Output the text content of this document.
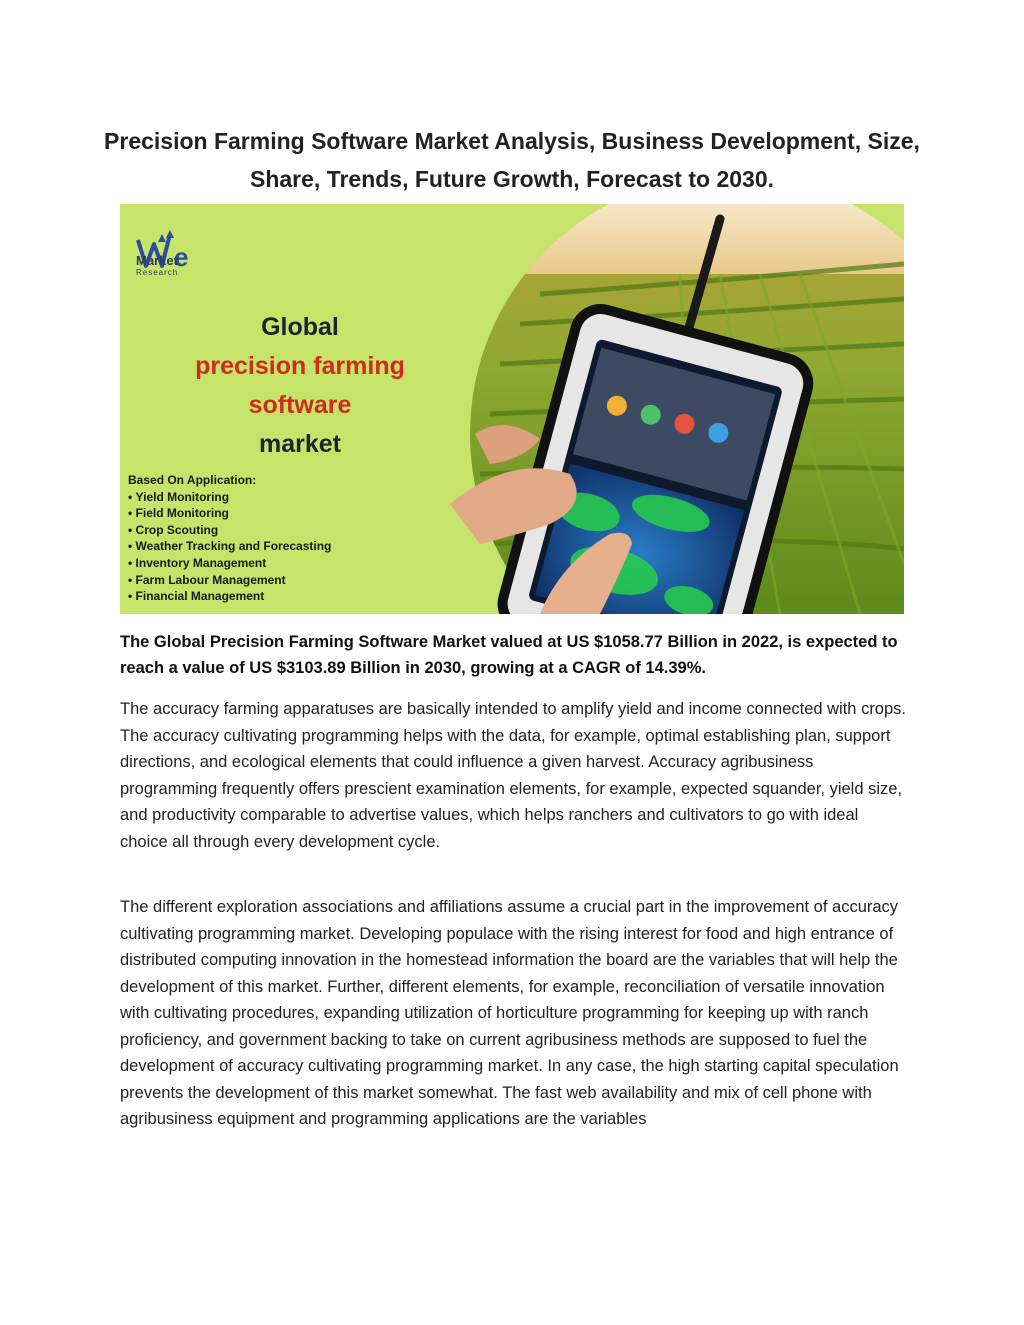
Precision Farming Software Market Analysis, Business Development, Size, Share, Trends, Future Growth, Forecast to 2030.
e
Market
Research
Global
precision farming
software
market
Based On Application:
• Yield Monitoring
• Field Monitoring
• Crop Scouting
• Weather Tracking and Forecasting
• Inventory Management
• Farm Labour Management
• Financial Management

The Global Precision Farming Software Market valued at US $1058.77 Billion in 2022, is expected to reach a value of US $3103.89 Billion in 2030, growing at a CAGR of 14.39%.

The accuracy farming apparatuses are basically intended to amplify yield and income connected with crops. The accuracy cultivating programming helps with the data, for example, optimal establishing plan, support directions, and ecological elements that could influence a given harvest. Accuracy agribusiness programming frequently offers prescient examination elements, for example, expected squander, yield size, and productivity comparable to advertise values, which helps ranchers and cultivators to go with ideal choice all through every development cycle.

The different exploration associations and affiliations assume a crucial part in the improvement of accuracy cultivating programming market. Developing populace with the rising interest for food and high entrance of distributed computing innovation in the homestead information the board are the variables that will help the development of this market. Further, different elements, for example, reconciliation of versatile innovation with cultivating procedures, expanding utilization of horticulture programming for keeping up with ranch proficiency, and government backing to take on current agribusiness methods are supposed to fuel the development of accuracy cultivating programming market. In any case, the high starting capital speculation prevents the development of this market somewhat. The fast web availability and mix of cell phone with agribusiness equipment and programming applications are the variables
